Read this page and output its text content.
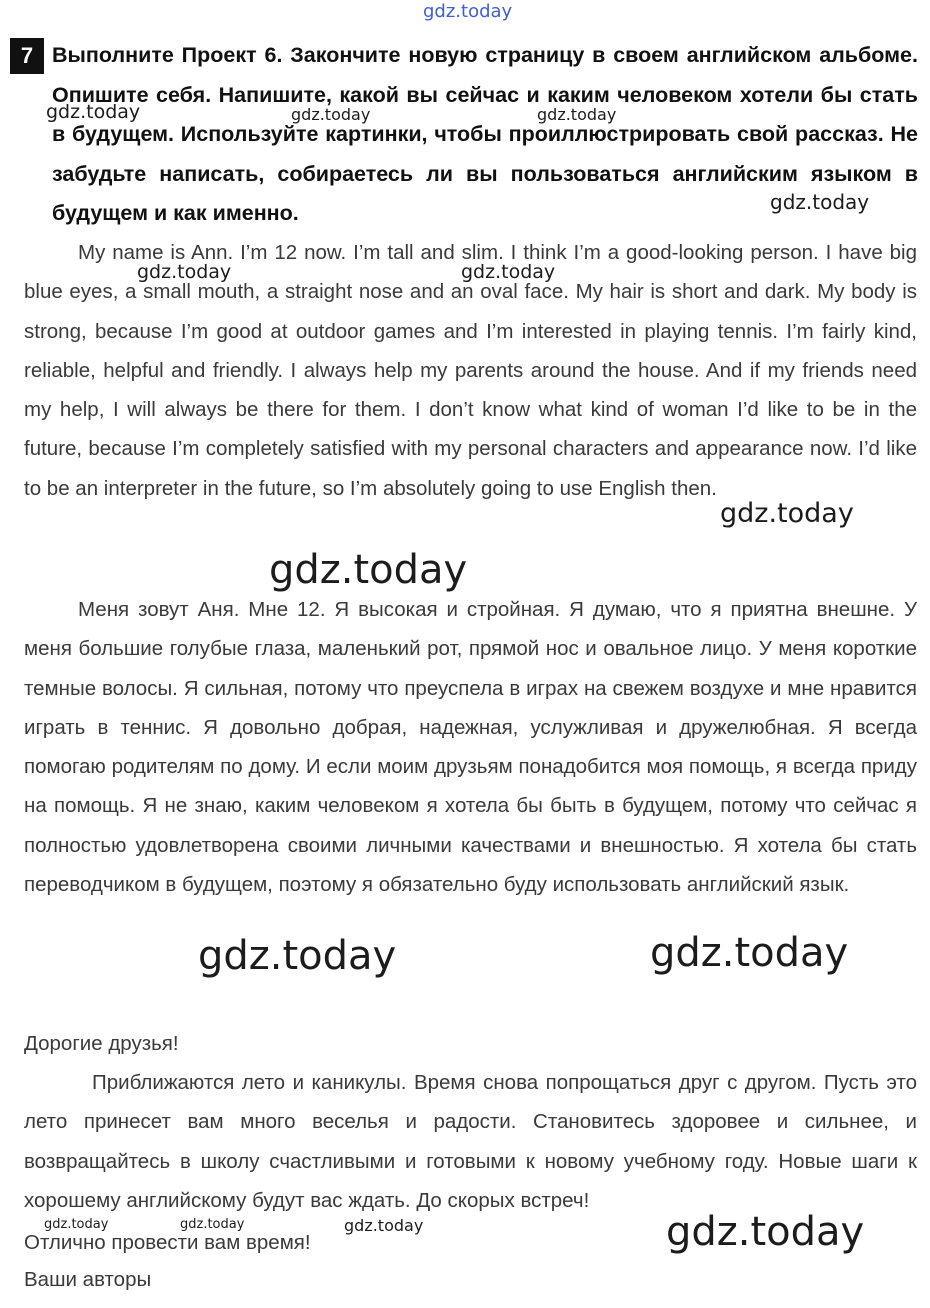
gdz.today
gdz.today	gdz.today	gdz.today
gdz.today
gdz.today	gdz.today
gdz.today
gdz.today
gdz.today	gdz.today
gdz.today	gdz.today	gdz.today	gdz.today
7 Выполните Проект 6. Закончите новую страницу в своем английском альбоме. Опишите себя. Напишите, какой вы сейчас и каким человеком хотели бы стать в будущем. Используйте картинки, чтобы проиллюстрировать свой рассказ. Не забудьте написать, собираетесь ли вы пользоваться английским языком в будущем и как именно.
My name is Ann. I’m 12 now. I’m tall and slim. I think I’m a good-looking person. I have big blue eyes, a small mouth, a straight nose and an oval face. My hair is short and dark. My body is strong, because I’m good at outdoor games and I’m interested in playing tennis. I’m fairly kind, reliable, helpful and friendly. I always help my parents around the house. And if my friends need my help, I will always be there for them. I don’t know what kind of woman I’d like to be in the future, because I’m completely satisfied with my personal characters and appearance now. I’d like to be an interpreter in the future, so I’m absolutely going to use English then.
Меня зовут Аня. Мне 12. Я высокая и стройная. Я думаю, что я приятна внешне. У меня большие голубые глаза, маленький рот, прямой нос и овальное лицо. У меня короткие темные волосы. Я сильная, потому что преуспела в играх на свежем воздухе и мне нравится играть в теннис. Я довольно добрая, надежная, услужливая и дружелюбная. Я всегда помогаю родителям по дому. И если моим друзьям понадобится моя помощь, я всегда приду на помощь. Я не знаю, каким человеком я хотела бы быть в будущем, потому что сейчас я полностью удовлетворена своими личными качествами и внешностью. Я хотела бы стать переводчиком в будущем, поэтому я обязательно буду использовать английский язык.
Дорогие друзья!
Приближаются лето и каникулы. Время снова попрощаться друг с другом. Пусть это лето принесет вам много веселья и радости. Становитесь здоровее и сильнее, и возвращайтесь в школу счастливыми и готовыми к новому учебному году. Новые шаги к хорошему английскому будут вас ждать. До скорых встреч!
Отлично провести вам время!
Ваши авторы
